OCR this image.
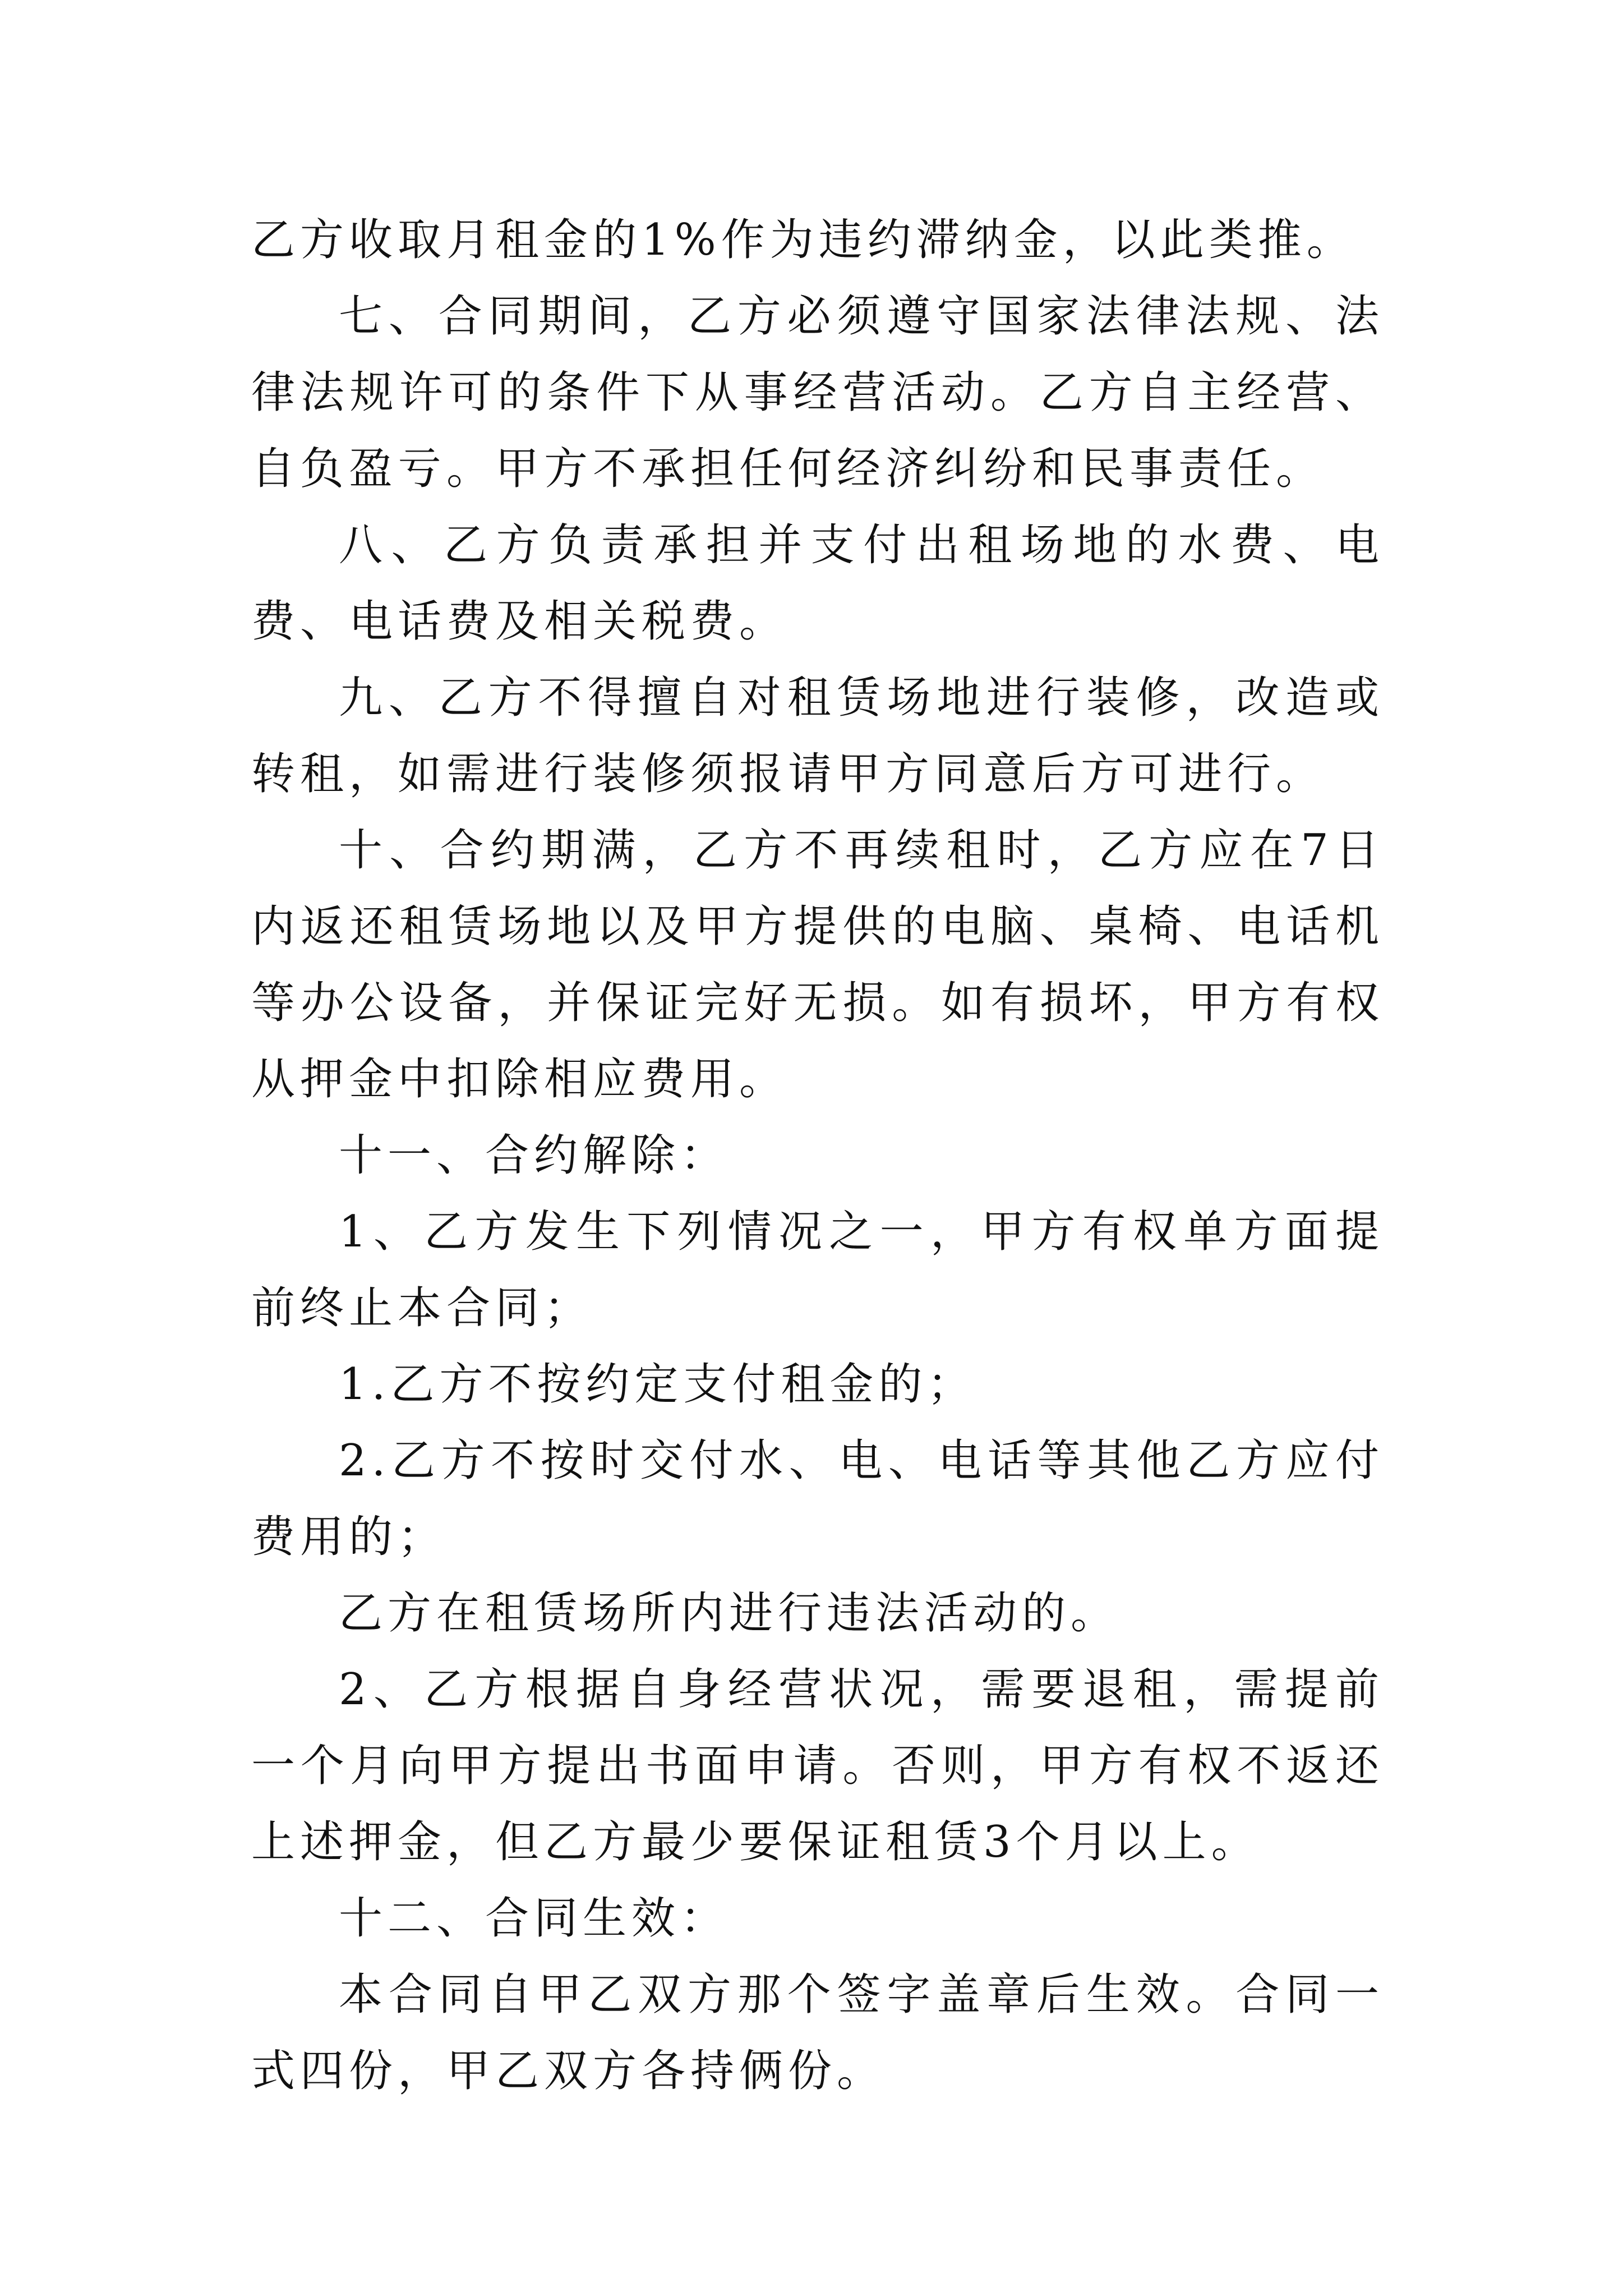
乙方收取月租金的1%作为违约滞纳金，以此类推。

七、合同期间，乙方必须遵守国家法律法规、法律法规许可的条件下从事经营活动。乙方自主经营、自负盈亏。甲方不承担任何经济纠纷和民事责任。

八、乙方负责承担并支付出租场地的水费、电费、电话费及相关税费。

九、乙方不得擅自对租赁场地进行装修，改造或转租，如需进行装修须报请甲方同意后方可进行。

十、合约期满，乙方不再续租时，乙方应在7日内返还租赁场地以及甲方提供的电脑、桌椅、电话机等办公设备，并保证完好无损。如有损坏，甲方有权从押金中扣除相应费用。

十一、合约解除：

1、乙方发生下列情况之一，甲方有权单方面提前终止本合同；

1.乙方不按约定支付租金的；

2.乙方不按时交付水、电、电话等其他乙方应付费用的；

乙方在租赁场所内进行违法活动的。

2、乙方根据自身经营状况，需要退租，需提前一个月向甲方提出书面申请。否则，甲方有权不返还上述押金，但乙方最少要保证租赁3个月以上。

十二、合同生效：

本合同自甲乙双方那个签字盖章后生效。合同一式四份，甲乙双方各持俩份。
